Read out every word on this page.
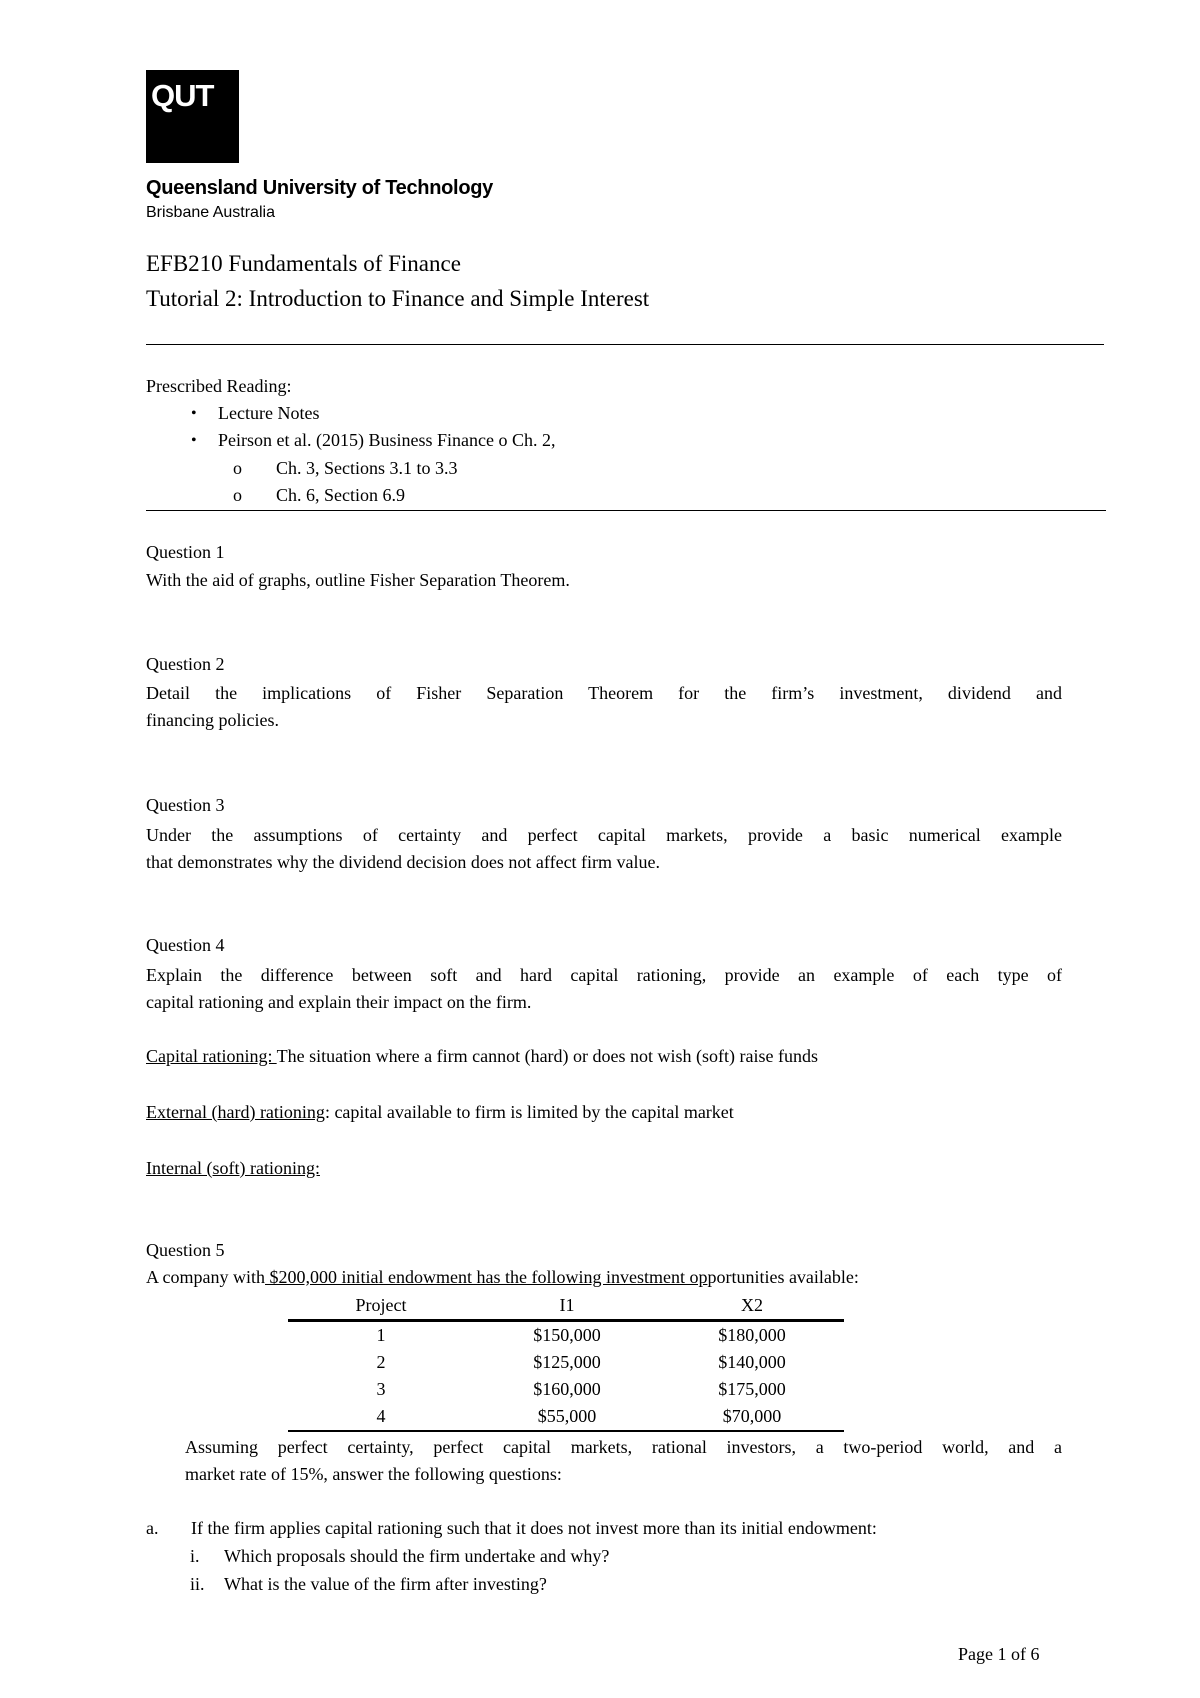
QUT
Queensland University of Technology
Brisbane Australia
EFB210 Fundamentals of Finance
Tutorial 2: Introduction to Finance and Simple Interest
Prescribed Reading:
• Lecture Notes
• Peirson et al. (2015) Business Finance o Ch. 2,
o Ch. 3, Sections 3.1 to 3.3
o Ch. 6, Section 6.9
Question 1
With the aid of graphs, outline Fisher Separation Theorem.
Question 2
Detail the implications of Fisher Separation Theorem for the firm’s investment, dividend and
financing policies.
Question 3
Under the assumptions of certainty and perfect capital markets, provide a basic numerical example
that demonstrates why the dividend decision does not affect firm value.
Question 4
Explain the difference between soft and hard capital rationing, provide an example of each type of
capital rationing and explain their impact on the firm.
Capital rationing: The situation where a firm cannot (hard) or does not wish (soft) raise funds
External (hard) rationing: capital available to firm is limited by the capital market
Internal (soft) rationing:
Question 5
A company with $200,000 initial endowment has the following investment opportunities available:
Project	I1	X2
1	$150,000	$180,000
2	$125,000	$140,000
3	$160,000	$175,000
4	$55,000	$70,000
Assuming perfect certainty, perfect capital markets, rational investors, a two-period world, and a
market rate of 15%, answer the following questions:
a. If the firm applies capital rationing such that it does not invest more than its initial endowment:
i. Which proposals should the firm undertake and why?
ii. What is the value of the firm after investing?
Page 1 of 6
